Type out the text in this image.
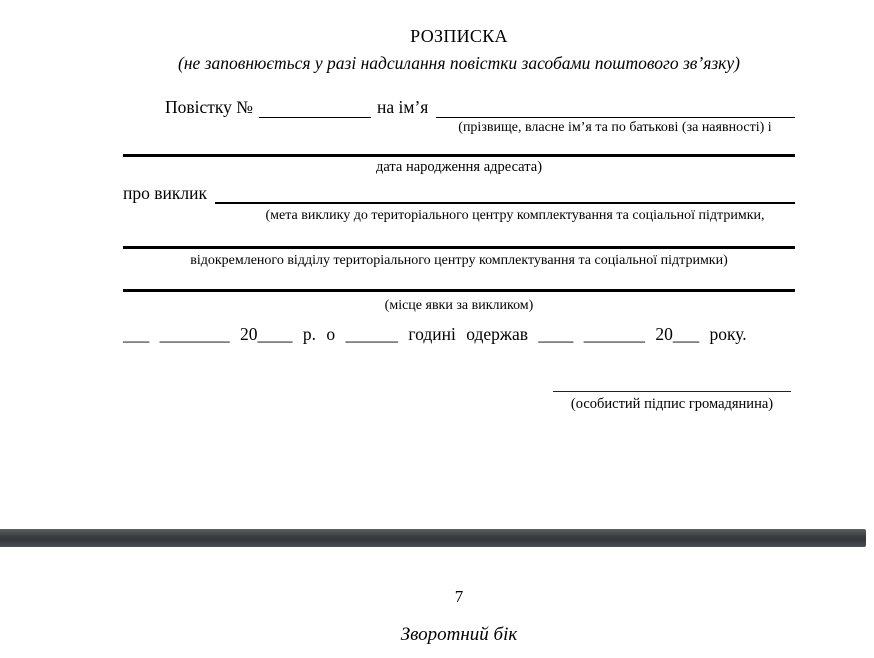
РОЗПИСКА
(не заповнюється у разі надсилання повістки засобами поштового зв’язку)
Повістку №	на ім’я
(прізвище, власне ім’я та по батькові (за наявності) і
дата народження адресата)
про виклик
(мета виклику до територіального центру комплектування та соціальної підтримки,
відокремленого відділу територіального центру комплектування та соціальної підтримки)
(місце явки за викликом)
___ ________ 20____ р. о ______ годині одержав ____ _______ 20___ року.
(особистий підпис громадянина)
7
Зворотний бік
